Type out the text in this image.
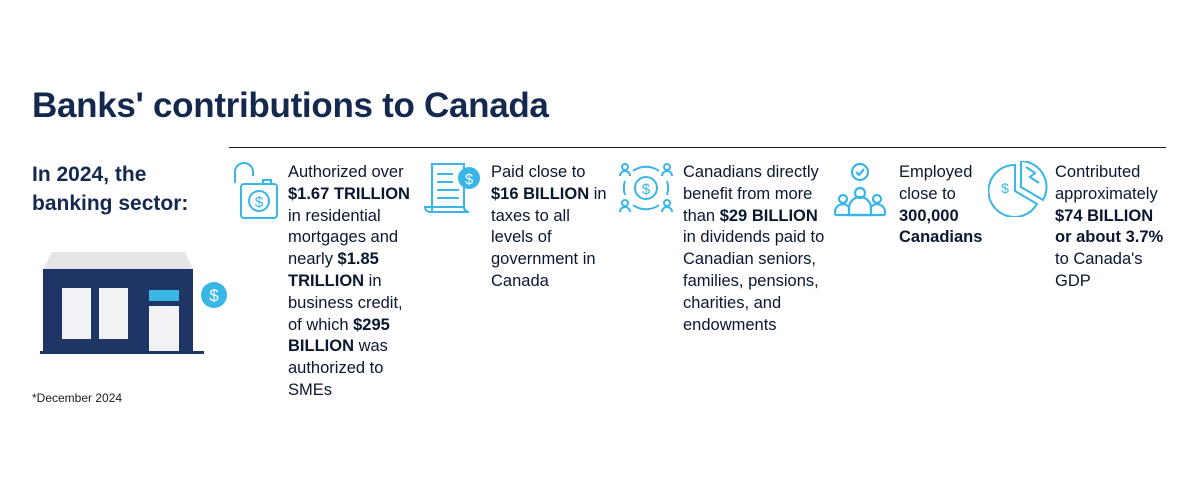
Banks' contributions to Canada
In 2024, the banking sector:
$
*December 2024
$
Authorized over $1.67 TRILLION in residential mortgages and nearly $1.85 TRILLION in business credit, of which $295 BILLION was authorized to SMEs
$ Paid close to $16 BILLION in taxes to all levels of government in Canada
$
Canadians directly benefit from more than $29 BILLION in dividends paid to Canadian seniors, families, pensions, charities, and endowments
Employed close to 300,000 Canadians
$
Contributed approximately $74 BILLION or about 3.7% to Canada's GDP
